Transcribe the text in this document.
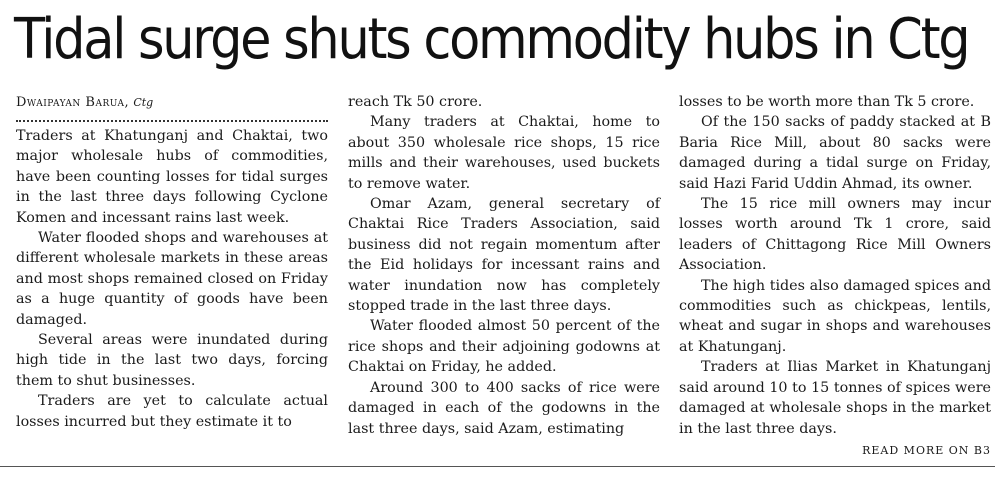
Tidal surge shuts commodity hubs in Ctg
Dwaipayan Barua, Ctg

Traders at Khatunganj and Chaktai, two major wholesale hubs of commodities, have been counting losses for tidal surges in the last three days following Cyclone Komen and incessant rains last week.

Water flooded shops and warehouses at different wholesale markets in these areas and most shops remained closed on Friday as a huge quantity of goods have been damaged.

Several areas were inundated during high tide in the last two days, forcing them to shut businesses.

Traders are yet to calculate actual losses incurred but they estimate it to

reach Tk 50 crore.

Many traders at Chaktai, home to about 350 wholesale rice shops, 15 rice mills and their warehouses, used buckets to remove water.

Omar Azam, general secretary of Chaktai Rice Traders Association, said business did not regain momentum after the Eid holidays for incessant rains and water inundation now has completely stopped trade in the last three days.

Water flooded almost 50 percent of the rice shops and their adjoining godowns at Chaktai on Friday, he added.

Around 300 to 400 sacks of rice were damaged in each of the godowns in the last three days, said Azam, estimating

losses to be worth more than Tk 5 crore.

Of the 150 sacks of paddy stacked at B Baria Rice Mill, about 80 sacks were damaged during a tidal surge on Friday, said Hazi Farid Uddin Ahmad, its owner.

The 15 rice mill owners may incur losses worth around Tk 1 crore, said leaders of Chittagong Rice Mill Owners Association.

The high tides also damaged spices and commodities such as chickpeas, lentils, wheat and sugar in shops and warehouses at Khatunganj.

Traders at Ilias Market in Khatunganj said around 10 to 15 tonnes of spices were damaged at wholesale shops in the market in the last three days.

READ MORE ON B3
